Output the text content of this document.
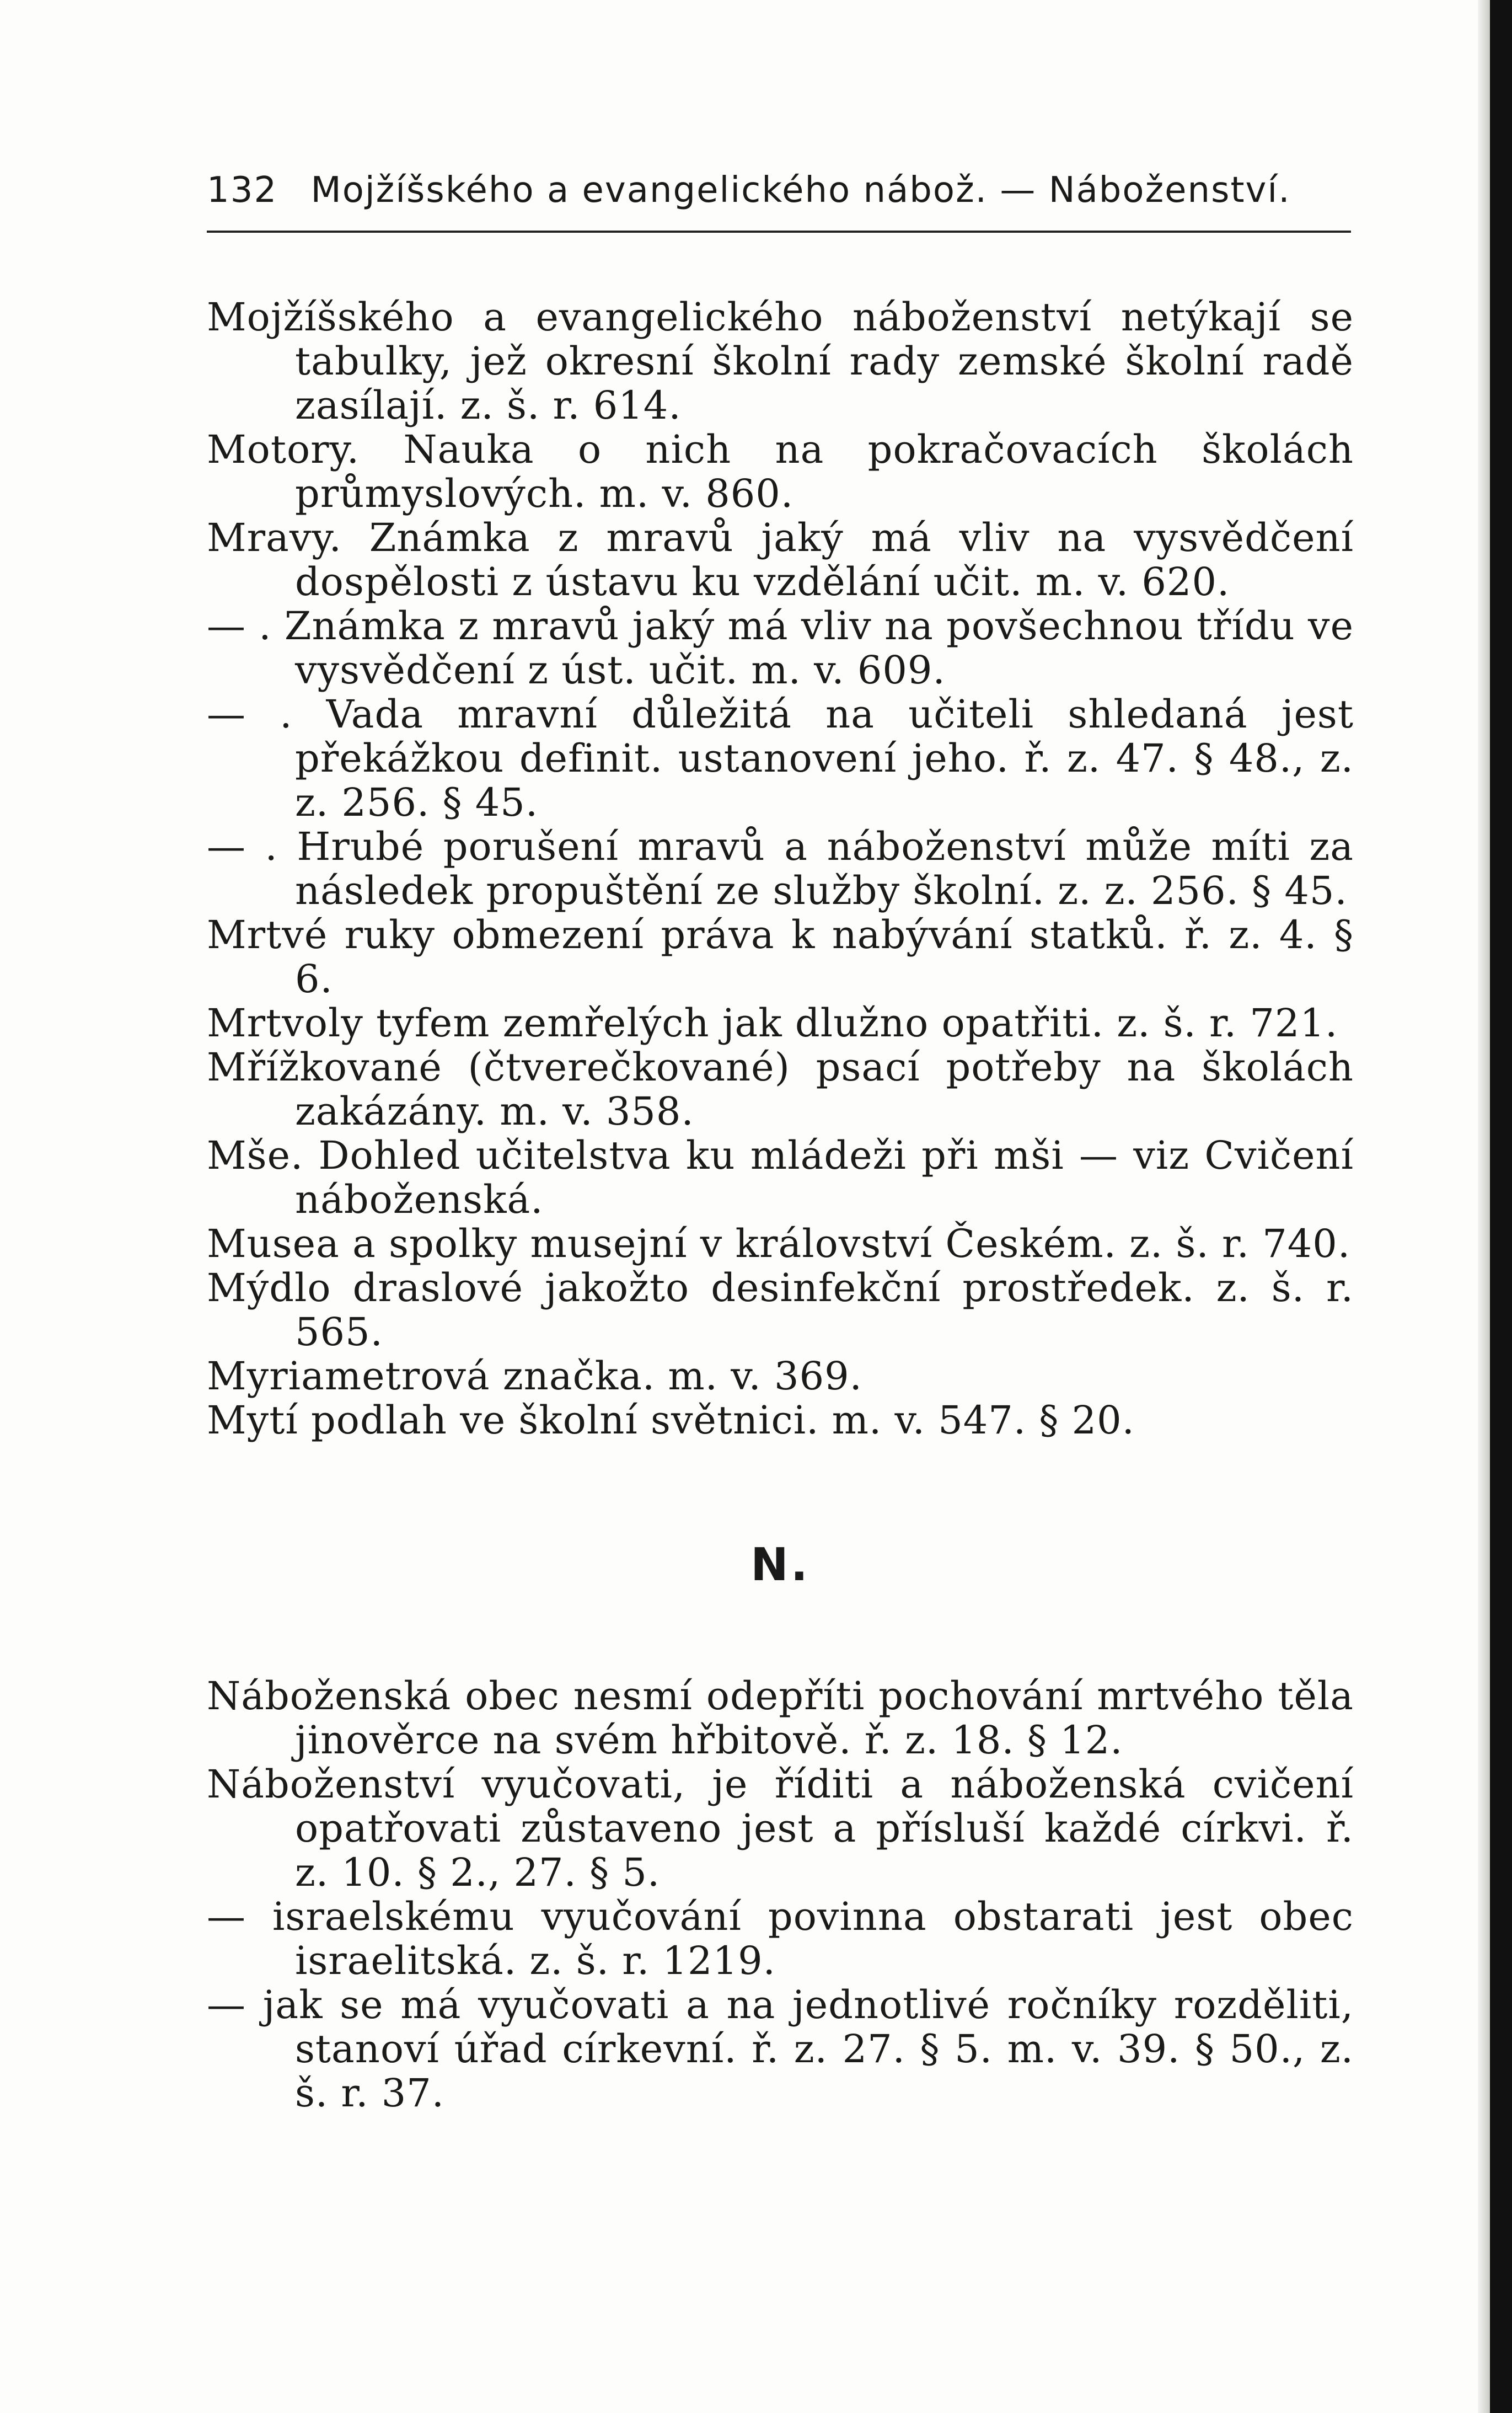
132 Mojžíšského a evangelického nábož. — Náboženství.

Mojžíšského a evangelického náboženství netýkají se tabulky, jež okresní školní rady zemské školní radě zasílají. z. š. r. 614.

Motory. Nauka o nich na pokračovacích školách průmyslových. m. v. 860.

Mravy. Známka z mravů jaký má vliv na vysvědčení dospělosti z ústavu ku vzdělání učit. m. v. 620.

— . Známka z mravů jaký má vliv na povšechnou třídu ve vysvědčení z úst. učit. m. v. 609.

— . Vada mravní důležitá na učiteli shledaná jest překážkou definit. ustanovení jeho. ř. z. 47. § 48., z. z. 256. § 45.

— . Hrubé porušení mravů a náboženství může míti za následek propuštění ze služby školní. z. z. 256. § 45.

Mrtvé ruky obmezení práva k nabývání statků. ř. z. 4. § 6.

Mrtvoly tyfem zemřelých jak dlužno opatřiti. z. š. r. 721.

Mřížkované (čtverečkované) psací potřeby na školách zakázány. m. v. 358.

Mše. Dohled učitelstva ku mládeži při mši — viz Cvičení náboženská.

Musea a spolky musejní v království Českém. z. š. r. 740.

Mýdlo draslové jakožto desinfekční prostředek. z. š. r. 565.

Myriametrová značka. m. v. 369.

Mytí podlah ve školní světnici. m. v. 547. § 20.

N.

Náboženská obec nesmí odepříti pochování mrtvého těla jinověrce na svém hřbitově. ř. z. 18. § 12.

Náboženství vyučovati, je říditi a náboženská cvičení opatřovati zůstaveno jest a přísluší každé církvi. ř. z. 10. § 2., 27. § 5.

— israelskému vyučování povinna obstarati jest obec israelitská. z. š. r. 1219.

— jak se má vyučovati a na jednotlivé ročníky rozděliti, stanoví úřad církevní. ř. z. 27. § 5. m. v. 39. § 50., z. š. r. 37.
